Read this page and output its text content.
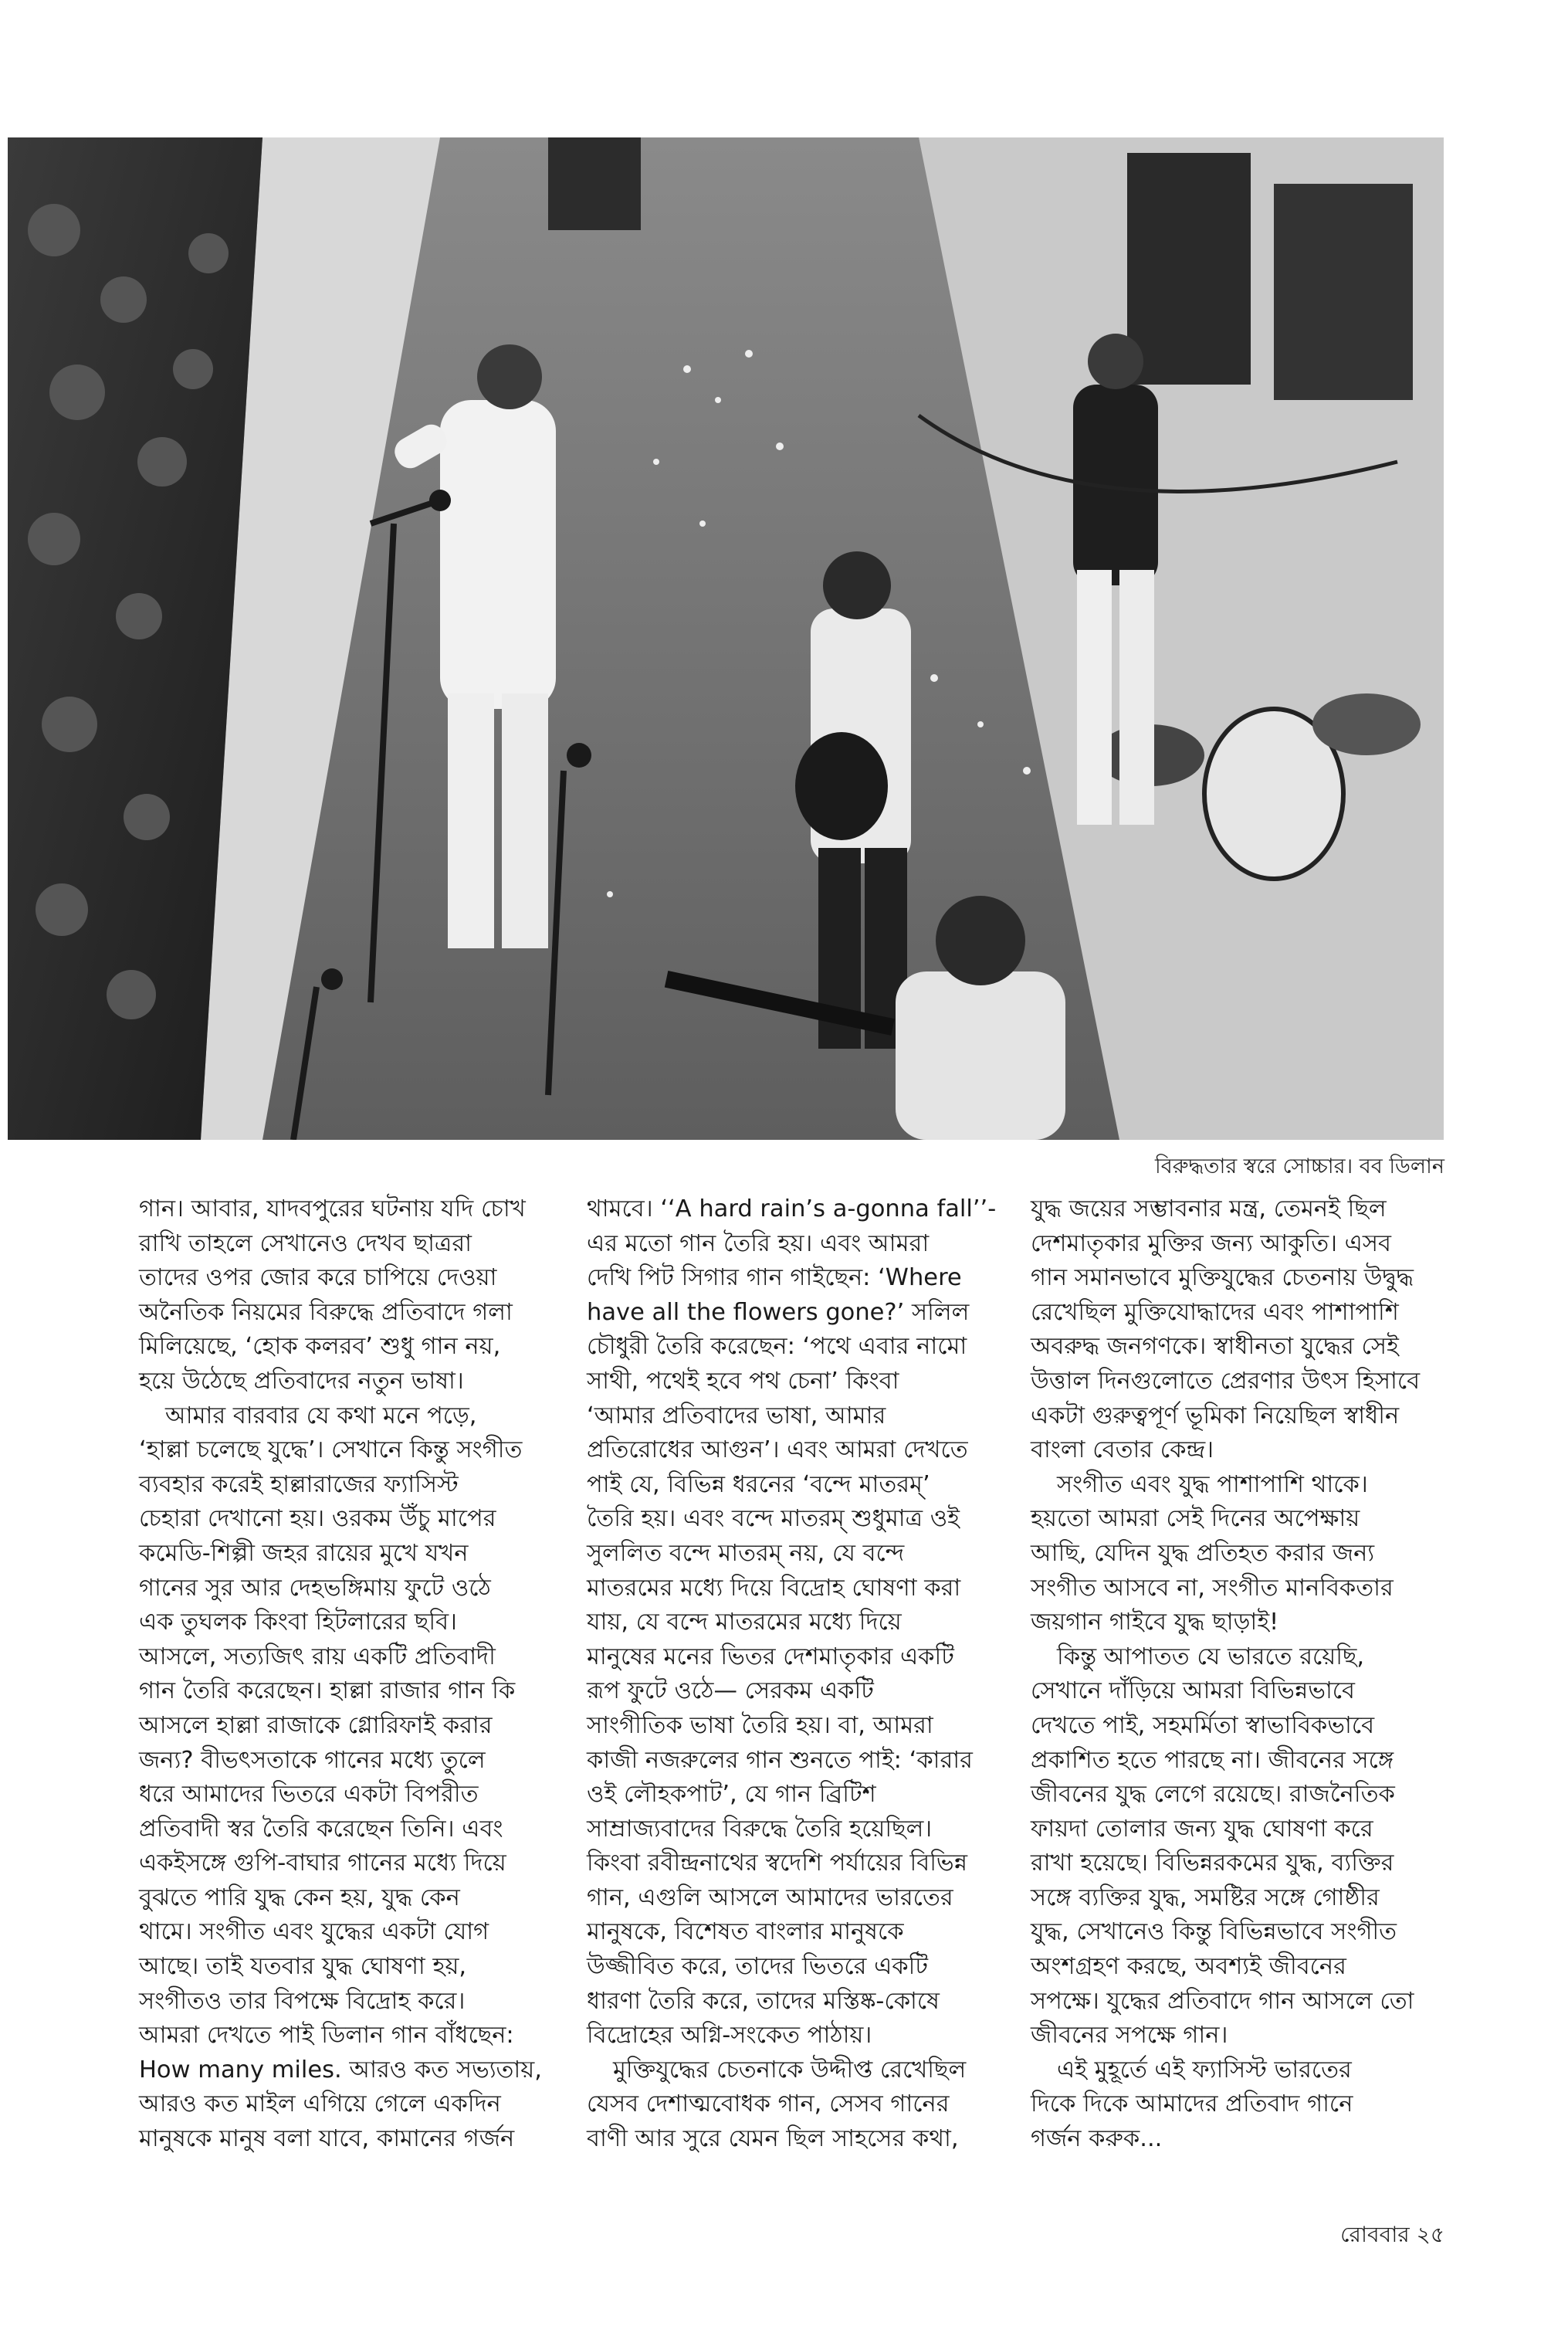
বিরুদ্ধতার স্বরে সোচ্চার। বব ডিলান
গান। আবার, যাদবপুরের ঘটনায় যদি চোখ
রাখি তাহলে সেখানেও দেখব ছাত্ররা
তাদের ওপর জোর করে চাপিয়ে দেওয়া
অনৈতিক নিয়মের বিরুদ্ধে প্রতিবাদে গলা
মিলিয়েছে, ‘হোক কলরব’ শুধু গান নয়,
হয়ে উঠেছে প্রতিবাদের নতুন ভাষা।
আমার বারবার যে কথা মনে পড়ে,
‘হাল্লা চলেছে যুদ্ধে’। সেখানে কিন্তু সংগীত
ব্যবহার করেই হাল্লারাজের ফ্যাসিস্ট
চেহারা দেখানো হয়। ওরকম উঁচু মাপের
কমেডি-শিল্পী জহর রায়ের মুখে যখন
গানের সুর আর দেহভঙ্গিমায় ফুটে ওঠে
এক তুঘলক কিংবা হিটলারের ছবি।
আসলে, সত্যজিৎ রায় একটি প্রতিবাদী
গান তৈরি করেছেন। হাল্লা রাজার গান কি
আসলে হাল্লা রাজাকে গ্লোরিফাই করার
জন্য? বীভৎসতাকে গানের মধ্যে তুলে
ধরে আমাদের ভিতরে একটা বিপরীত
প্রতিবাদী স্বর তৈরি করেছেন তিনি। এবং
একইসঙ্গে গুপি-বাঘার গানের মধ্যে দিয়ে
বুঝতে পারি যুদ্ধ কেন হয়, যুদ্ধ কেন
থামে। সংগীত এবং যুদ্ধের একটা যোগ
আছে। তাই যতবার যুদ্ধ ঘোষণা হয়,
সংগীতও তার বিপক্ষে বিদ্রোহ করে।
আমরা দেখতে পাই ডিলান গান বাঁধছেন:
How many miles. আরও কত সভ্যতায়,
আরও কত মাইল এগিয়ে গেলে একদিন
মানুষকে মানুষ বলা যাবে, কামানের গর্জন
থামবে। ‘‘A hard rain’s a-gonna fall’’-
এর মতো গান তৈরি হয়। এবং আমরা
দেখি পিট সিগার গান গাইছেন: ‘Where
have all the flowers gone?’ সলিল
চৌধুরী তৈরি করেছেন: ‘পথে এবার নামো
সাথী, পথেই হবে পথ চেনা’ কিংবা
‘আমার প্রতিবাদের ভাষা, আমার
প্রতিরোধের আগুন’। এবং আমরা দেখতে
পাই যে, বিভিন্ন ধরনের ‘বন্দে মাতরম্’
তৈরি হয়। এবং বন্দে মাতরম্ শুধুমাত্র ওই
সুললিত বন্দে মাতরম্ নয়, যে বন্দে
মাতরমের মধ্যে দিয়ে বিদ্রোহ ঘোষণা করা
যায়, যে বন্দে মাতরমের মধ্যে দিয়ে
মানুষের মনের ভিতর দেশমাতৃকার একটি
রূপ ফুটে ওঠে— সেরকম একটি
সাংগীতিক ভাষা তৈরি হয়। বা, আমরা
কাজী নজরুলের গান শুনতে পাই: ‘কারার
ওই লৌহকপাট’, যে গান ব্রিটিশ
সাম্রাজ্যবাদের বিরুদ্ধে তৈরি হয়েছিল।
কিংবা রবীন্দ্রনাথের স্বদেশি পর্যায়ের বিভিন্ন
গান, এগুলি আসলে আমাদের ভারতের
মানুষকে, বিশেষত বাংলার মানুষকে
উজ্জীবিত করে, তাদের ভিতরে একটি
ধারণা তৈরি করে, তাদের মস্তিষ্ক-কোষে
বিদ্রোহের অগ্নি-সংকেত পাঠায়।
মুক্তিযুদ্ধের চেতনাকে উদ্দীপ্ত রেখেছিল
যেসব দেশাত্মবোধক গান, সেসব গানের
বাণী আর সুরে যেমন ছিল সাহসের কথা,
যুদ্ধ জয়ের সম্ভাবনার মন্ত্র, তেমনই ছিল
দেশমাতৃকার মুক্তির জন্য আকুতি। এসব
গান সমানভাবে মুক্তিযুদ্ধের চেতনায় উদ্বুদ্ধ
রেখেছিল মুক্তিযোদ্ধাদের এবং পাশাপাশি
অবরুদ্ধ জনগণকে। স্বাধীনতা যুদ্ধের সেই
উত্তাল দিনগুলোতে প্রেরণার উৎস হিসাবে
একটা গুরুত্বপূর্ণ ভূমিকা নিয়েছিল স্বাধীন
বাংলা বেতার কেন্দ্র।
সংগীত এবং যুদ্ধ পাশাপাশি থাকে।
হয়তো আমরা সেই দিনের অপেক্ষায়
আছি, যেদিন যুদ্ধ প্রতিহত করার জন্য
সংগীত আসবে না, সংগীত মানবিকতার
জয়গান গাইবে যুদ্ধ ছাড়াই!
কিন্তু আপাতত যে ভারতে রয়েছি,
সেখানে দাঁড়িয়ে আমরা বিভিন্নভাবে
দেখতে পাই, সহমর্মিতা স্বাভাবিকভাবে
প্রকাশিত হতে পারছে না। জীবনের সঙ্গে
জীবনের যুদ্ধ লেগে রয়েছে। রাজনৈতিক
ফায়দা তোলার জন্য যুদ্ধ ঘোষণা করে
রাখা হয়েছে। বিভিন্নরকমের যুদ্ধ, ব্যক্তির
সঙ্গে ব্যক্তির যুদ্ধ, সমষ্টির সঙ্গে গোষ্ঠীর
যুদ্ধ, সেখানেও কিন্তু বিভিন্নভাবে সংগীত
অংশগ্রহণ করছে, অবশ্যই জীবনের
সপক্ষে। যুদ্ধের প্রতিবাদে গান আসলে তো
জীবনের সপক্ষে গান।
এই মুহূর্তে এই ফ্যাসিস্ট ভারতের
দিকে দিকে আমাদের প্রতিবাদ গানে
গর্জন করুক...
রোববার ২৫
